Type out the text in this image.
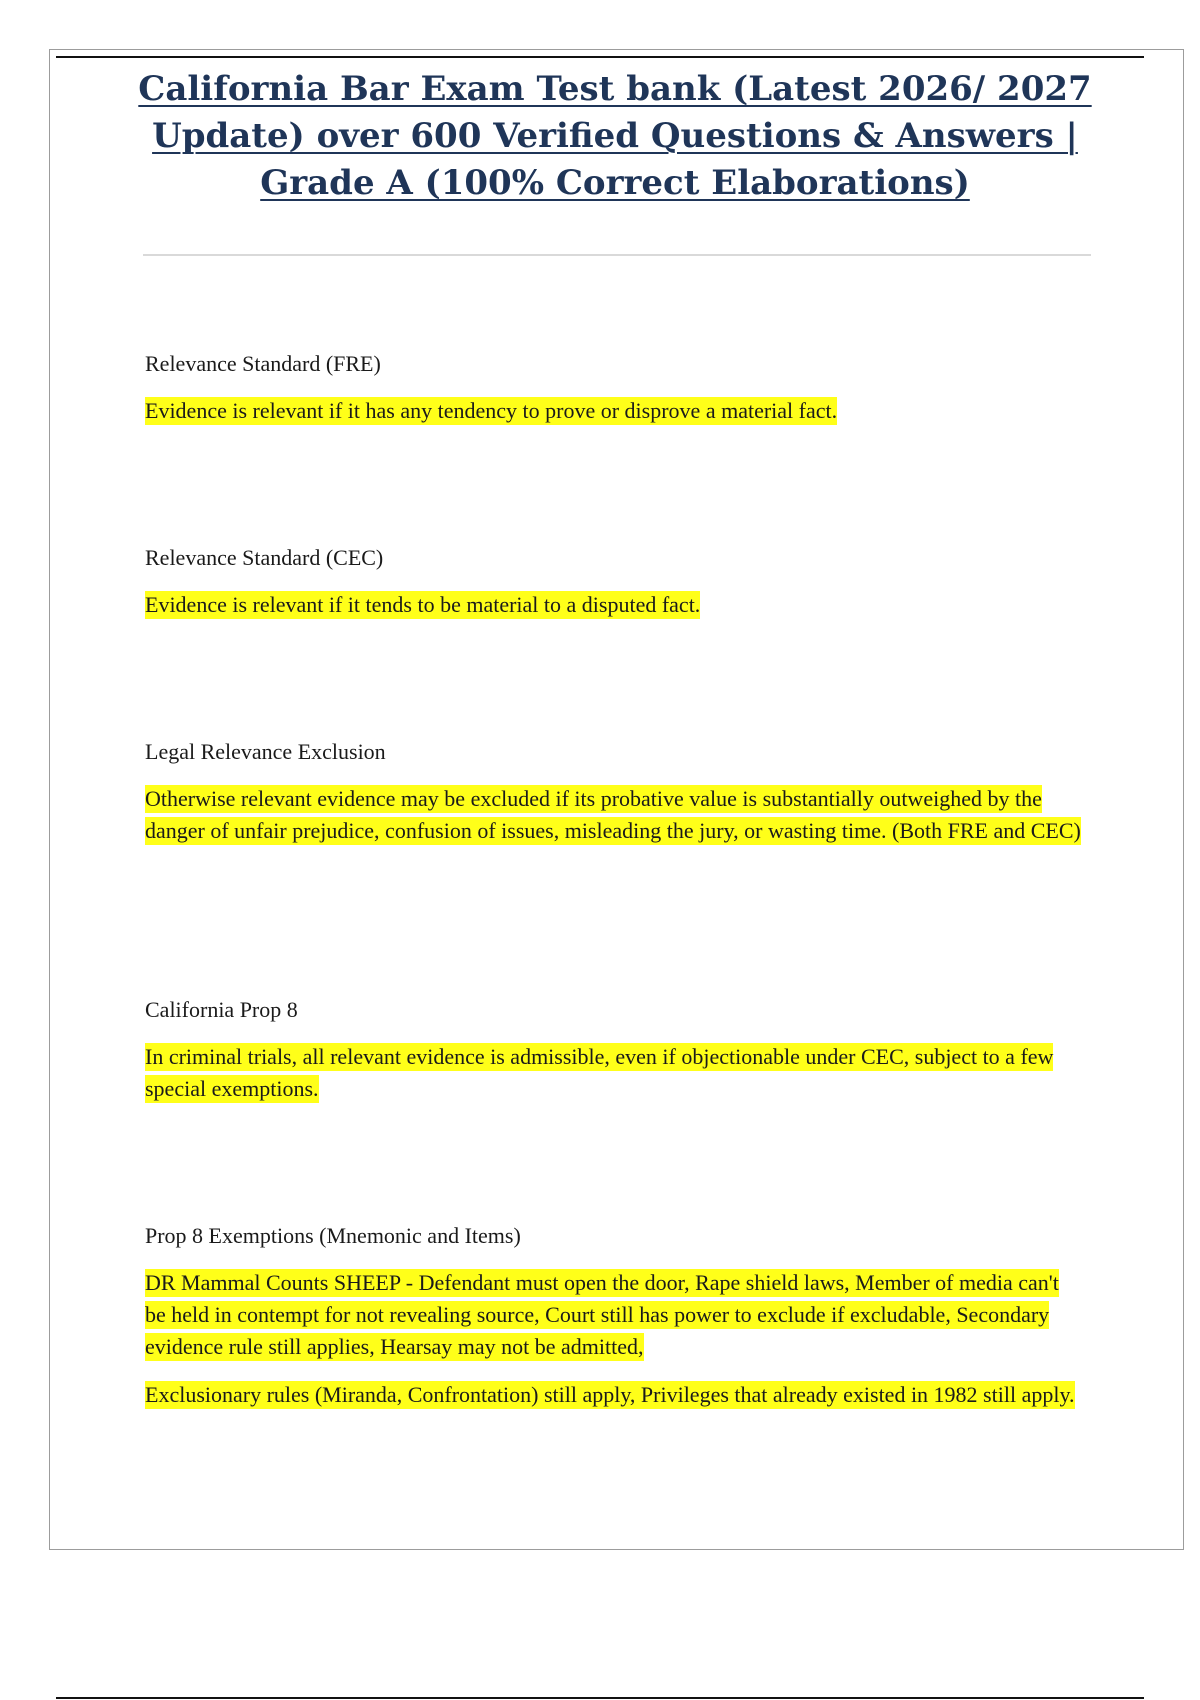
California Bar Exam Test bank (Latest 2026/ 2027
Update) over 600 Verified Questions & Answers |
Grade A (100% Correct Elaborations)

Relevance Standard (FRE)

Evidence is relevant if it has any tendency to prove or disprove a material fact.

Relevance Standard (CEC)

Evidence is relevant if it tends to be material to a disputed fact.

Legal Relevance Exclusion

Otherwise relevant evidence may be excluded if its probative value is substantially outweighed by the danger of unfair prejudice, confusion of issues, misleading the jury, or wasting time. (Both FRE and CEC)

California Prop 8

In criminal trials, all relevant evidence is admissible, even if objectionable under CEC, subject to a few special exemptions.

Prop 8 Exemptions (Mnemonic and Items)

DR Mammal Counts SHEEP - Defendant must open the door, Rape shield laws, Member of media can't be held in contempt for not revealing source, Court still has power to exclude if excludable, Secondary evidence rule still applies, Hearsay may not be admitted,

Exclusionary rules (Miranda, Confrontation) still apply, Privileges that already existed in 1982 still apply.
